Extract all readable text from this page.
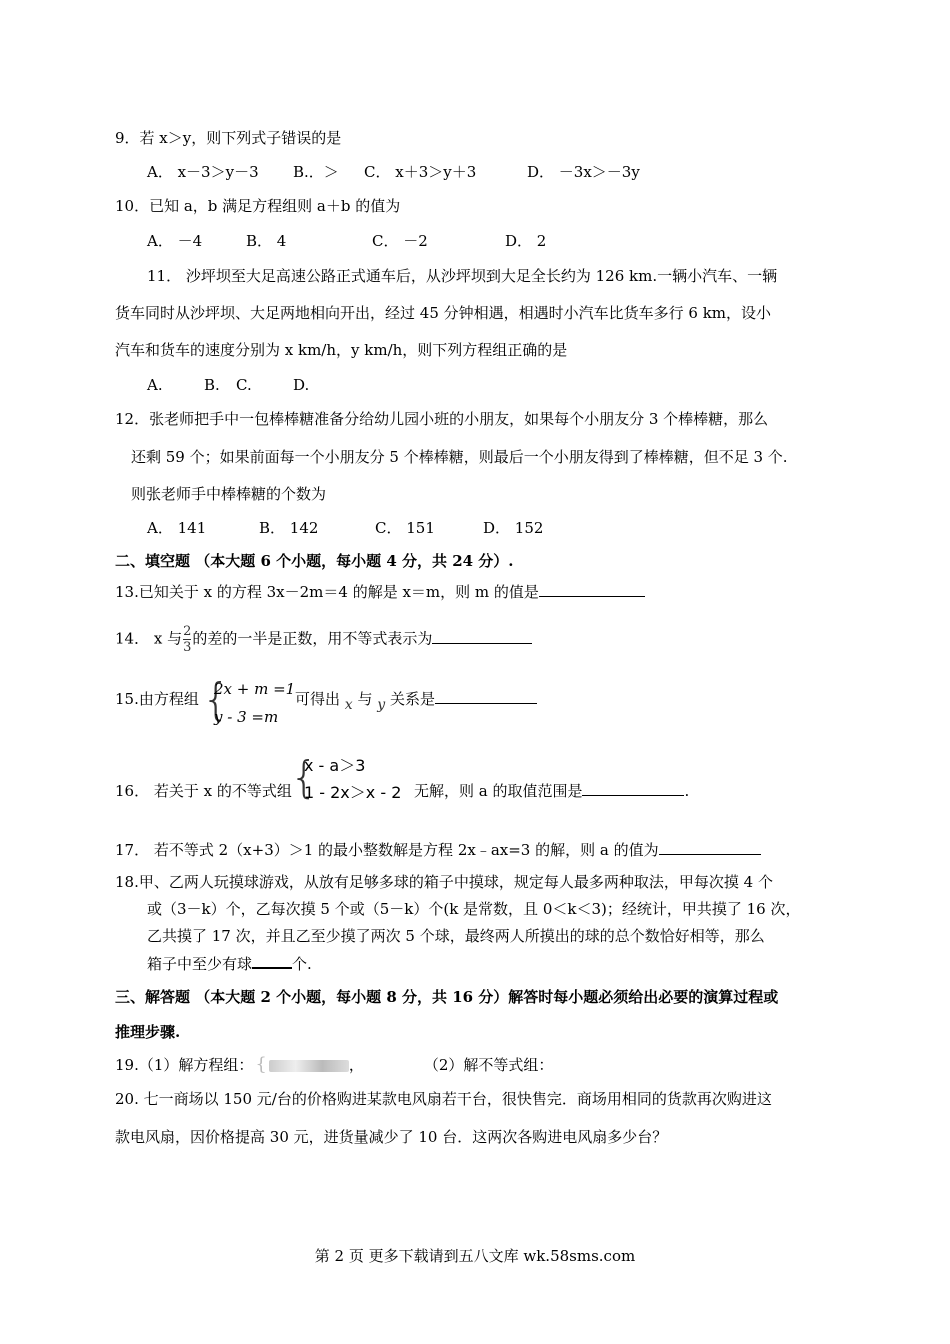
9．若 x＞y，则下列式子错误的是
A． x－3＞y－3 B.．＞ C． x＋3＞y＋3	D． －3x＞－3y
10．已知 a，b 满足方程组则 a＋b 的值为
A． －4	B． 4	C． －2	D． 2
11． 沙坪坝至大足高速公路正式通车后，从沙坪坝到大足全长约为 126 km.一辆小汽车、一辆
货车同时从沙坪坝、大足两地相向开出，经过 45 分钟相遇，相遇时小汽车比货车多行 6 km，设小
汽车和货车的速度分别为 x km/h，y km/h，则下列方程组正确的是
A.	B. C.	D.
12．张老师把手中一包棒棒糖准备分给幼儿园小班的小朋友，如果每个小朋友分 3 个棒棒糖，那么
还剩 59 个；如果前面每一个小朋友分 5 个棒棒糖，则最后一个小朋友得到了棒棒糖，但不足 3 个.
则张老师手中棒棒糖的个数为
A． 141	B． 142	C． 151	D． 152
二、填空题 （本大题 6 个小题，每小题 4 分，共 24 分）.
13.已知关于 x 的方程 3x－2m＝4 的解是 x＝m，则 m 的值是
14． x 与 $\frac{2}{3}$ 的差的一半是正数，用不等式表示为
15.由方程组 {
2x + m =1
y - 3 =m
可得出 x 与 y 关系是
16． 若关于 x 的不等式组
{
x - a＞3
1 - 2x＞x - 2 无解，则 a 的取值范围是	.
17． 若不等式 2（x+3）＞1 的最小整数解是方程 2x﹣ax=3 的解，则 a 的值为
18.甲、乙两人玩摸球游戏，从放有足够多球的箱子中摸球，规定每人最多两种取法，甲每次摸 4 个
或（3－k）个，乙每次摸 5 个或（5－k）个(k 是常数，且 0＜k＜3)；经统计，甲共摸了 16 次，
乙共摸了 17 次，并且乙至少摸了两次 5 个球，最终两人所摸出的球的总个数恰好相等，那么
箱子中至少有球	个.
三、解答题 （本大题 2 个小题，每小题 8 分，共 16 分）解答时每小题必须给出必要的演算过程或
推理步骤.
19.（1）解方程组： {	，	（2）解不等式组：
20. 七一商场以 150 元/台的价格购进某款电风扇若干台，很快售完．商场用相同的货款再次购进这
款电风扇，因价格提高 30 元，进货量减少了 10 台．这两次各购进电风扇多少台？
第 2 页 更多下载请到五八文库 wk.58sms.com
